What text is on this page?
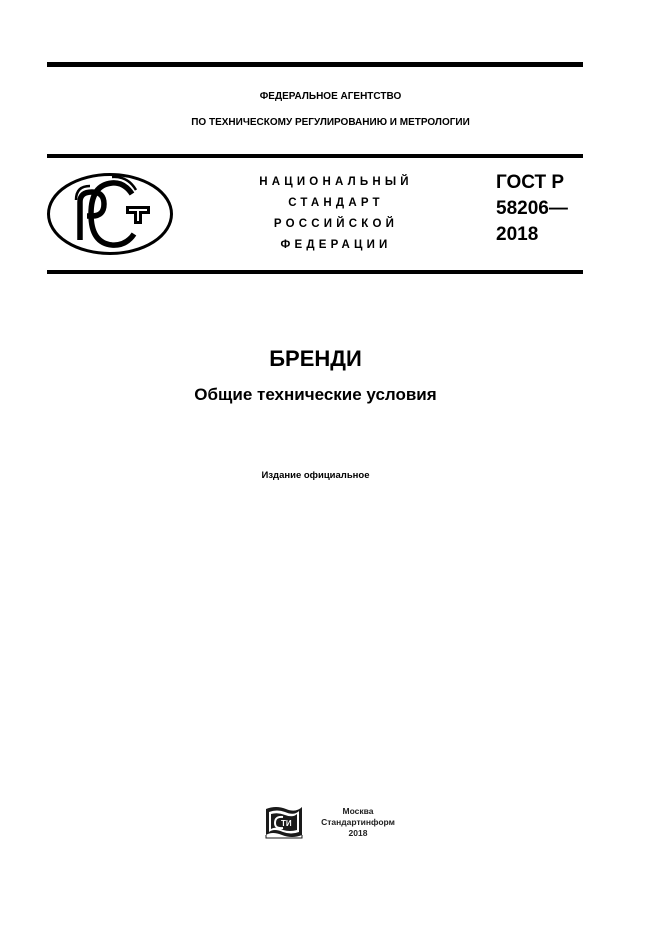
ФЕДЕРАЛЬНОЕ АГЕНТСТВО
ПО ТЕХНИЧЕСКОМУ РЕГУЛИРОВАНИЮ И МЕТРОЛОГИИ
НАЦИОНАЛЬНЫЙ
СТАНДАРТ
РОССИЙСКОЙ
ФЕДЕРАЦИИ
ГОСТ Р
58206—
2018
БРЕНДИ
Общие технические условия
Издание официальное
ТИ
Москва
Стандартинформ
2018
